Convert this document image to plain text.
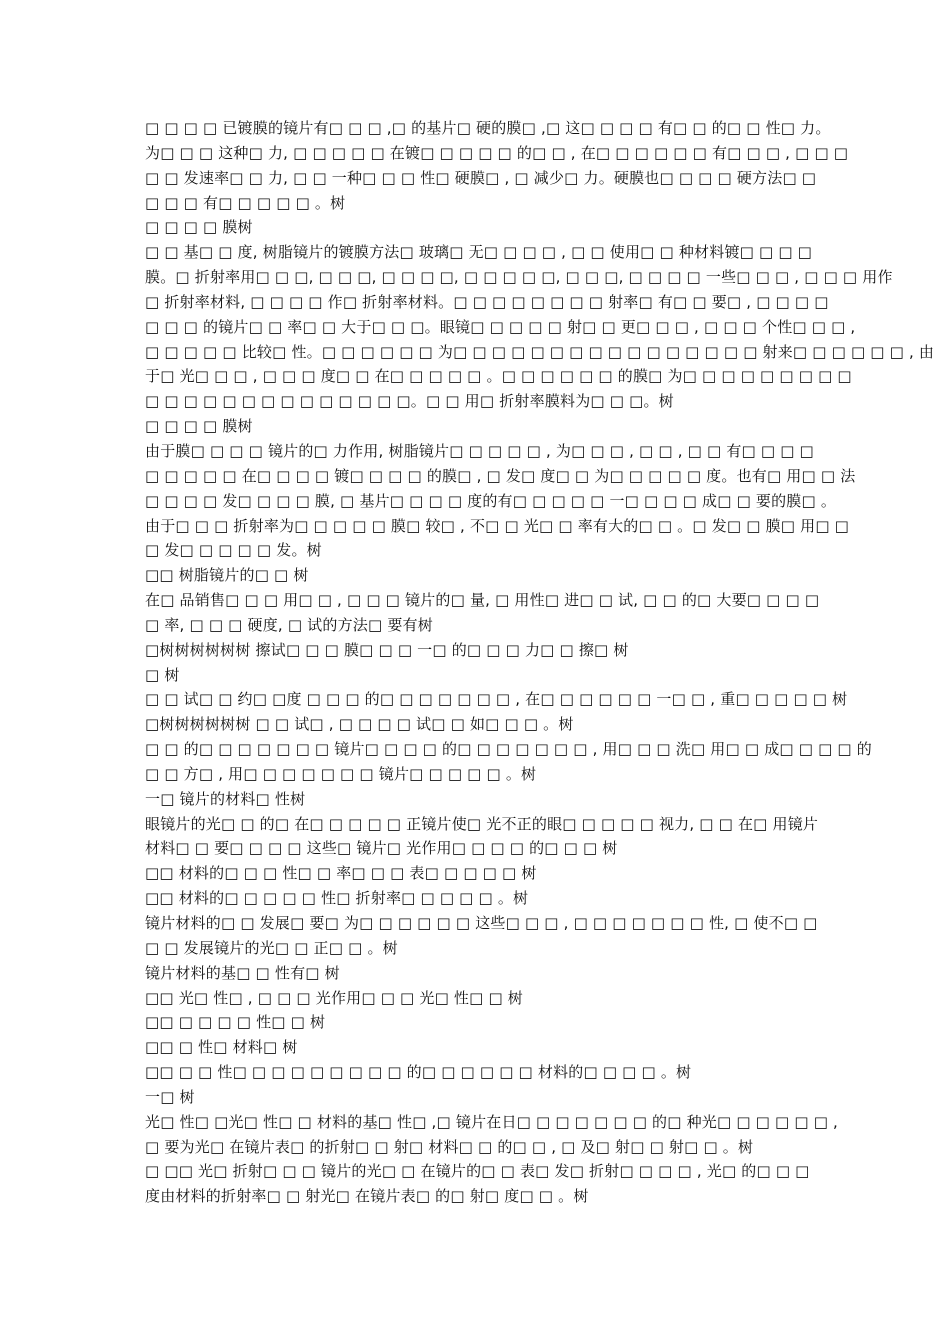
□ □ □ □ 已镀膜的镜片有□ □ □ ,□ 的基片□ 硬的膜□ ,□ 这□ □ □ □ 有□ □ 的□ □ 性□ 力。
为□ □ □ 这种□ 力, □ □ □ □ □ 在镀□ □ □ □ □ 的□ □ , 在□ □ □ □ □ □ 有□ □ □ , □ □ □
□ □ 发速率□ □ 力, □ □ 一种□ □ □ 性□ 硬膜□ , □ 减少□ 力。硬膜也□ □ □ □ 硬方法□ □
□ □ □ 有□ □ □ □ □ 。树
□ □ □ □ 膜树
□ □ 基□ □ 度, 树脂镜片的镀膜方法□ 玻璃□ 无□ □ □ □ , □ □ 使用□ □ 种材料镀□ □ □ □
膜。□ 折射率用□ □ □, □ □ □, □ □ □ □, □ □ □ □ □, □ □ □, □ □ □ □ 一些□ □ □ , □ □ □ 用作
□ 折射率材料, □ □ □ □ 作□ 折射率材料。□ □ □ □ □ □ □ □ 射率□ 有□ □ 要□ , □ □ □ □
□ □ □ 的镜片□ □ 率□ □ 大于□ □ □。眼镜□ □ □ □ □ 射□ □ 更□ □ □ , □ □ □ 个性□ □ □ ,
□ □ □ □ □ 比较□ 性。□ □ □ □ □ □ 为□ □ □ □ □ □ □ □ □ □ □ □ □ □ □ □ 射来□ □ □ □ □ □ , 由
于□ 光□ □ □ , □ □ □ 度□ □ 在□ □ □ □ □ 。□ □ □ □ □ □ 的膜□ 为□ □ □ □ □ □ □ □ □
□ □ □ □ □ □ □ □ □ □ □ □ □ □。□ □ 用□ 折射率膜料为□ □ □。树
□ □ □ □ 膜树
由于膜□ □ □ □ 镜片的□ 力作用, 树脂镜片□ □ □ □ □ , 为□ □ □ , □ □ , □ □ 有□ □ □ □
□ □ □ □ □ 在□ □ □ □ 镀□ □ □ □ 的膜□ , □ 发□ 度□ □ 为□ □ □ □ □ 度。也有□ 用□ □ 法
□ □ □ □ 发□ □ □ □ 膜, □ 基片□ □ □ □ 度的有□ □ □ □ □ 一□ □ □ □ 成□ □ 要的膜□ 。
由于□ □ □ 折射率为□ □ □ □ □ 膜□ 较□ , 不□ □ 光□ □ 率有大的□ □ 。□ 发□ □ 膜□ 用□ □
□ 发□ □ □ □ □ 发。树
□□ 树脂镜片的□ □ 树
在□ 品销售□ □ □ 用□ □ , □ □ □ 镜片的□ 量, □ 用性□ 进□ □ 试, □ □ 的□ 大要□ □ □ □
□ 率, □ □ □ 硬度, □ 试的方法□ 要有树
□树树树树树树 擦试□ □ □ 膜□ □ □ 一□ 的□ □ □ 力□ □ 擦□ 树
□ 树
□ □ 试□ □ 约□ □度 □ □ □ 的□ □ □ □ □ □ □ , 在□ □ □ □ □ □ 一□ □ , 重□ □ □ □ □ 树
□树树树树树树 □ □ 试□ , □ □ □ □ 试□ □ 如□ □ □ 。树
□ □ 的□ □ □ □ □ □ □ 镜片□ □ □ □ 的□ □ □ □ □ □ □ , 用□ □ □ 洗□ 用□ □ 成□ □ □ □ 的
□ □ 方□ , 用□ □ □ □ □ □ □ 镜片□ □ □ □ □ 。树
一□ 镜片的材料□ 性树
眼镜片的光□ □ 的□ 在□ □ □ □ □ 正镜片使□ 光不正的眼□ □ □ □ □ 视力, □ □ 在□ 用镜片
材料□ □ 要□ □ □ □ 这些□ 镜片□ 光作用□ □ □ □ 的□ □ □ 树
□□ 材料的□ □ □ 性□ □ 率□ □ □ 表□ □ □ □ □ 树
□□ 材料的□ □ □ □ □ 性□ 折射率□ □ □ □ □ 。树
镜片材料的□ □ 发展□ 要□ 为□ □ □ □ □ □ 这些□ □ □ , □ □ □ □ □ □ □ 性, □ 使不□ □
□ □ 发展镜片的光□ □ 正□ □ 。树
镜片材料的基□ □ 性有□ 树
□□ 光□ 性□ , □ □ □ 光作用□ □ □ 光□ 性□ □ 树
□□ □ □ □ □ 性□ □ 树
□□ □ 性□ 材料□ 树
□□ □ □ 性□ □ □ □ □ □ □ □ □ 的□ □ □ □ □ □ 材料的□ □ □ □ 。树
一□ 树
光□ 性□ □光□ 性□ □ 材料的基□ 性□ ,□ 镜片在日□ □ □ □ □ □ □ 的□ 种光□ □ □ □ □ □ ,
□ 要为光□ 在镜片表□ 的折射□ □ 射□ 材料□ □ 的□ □ , □ 及□ 射□ □ 射□ □ 。树
□ □□ 光□ 折射□ □ □ 镜片的光□ □ 在镜片的□ □ 表□ 发□ 折射□ □ □ □ , 光□ 的□ □ □
度由材料的折射率□ □ 射光□ 在镜片表□ 的□ 射□ 度□ □ 。树
